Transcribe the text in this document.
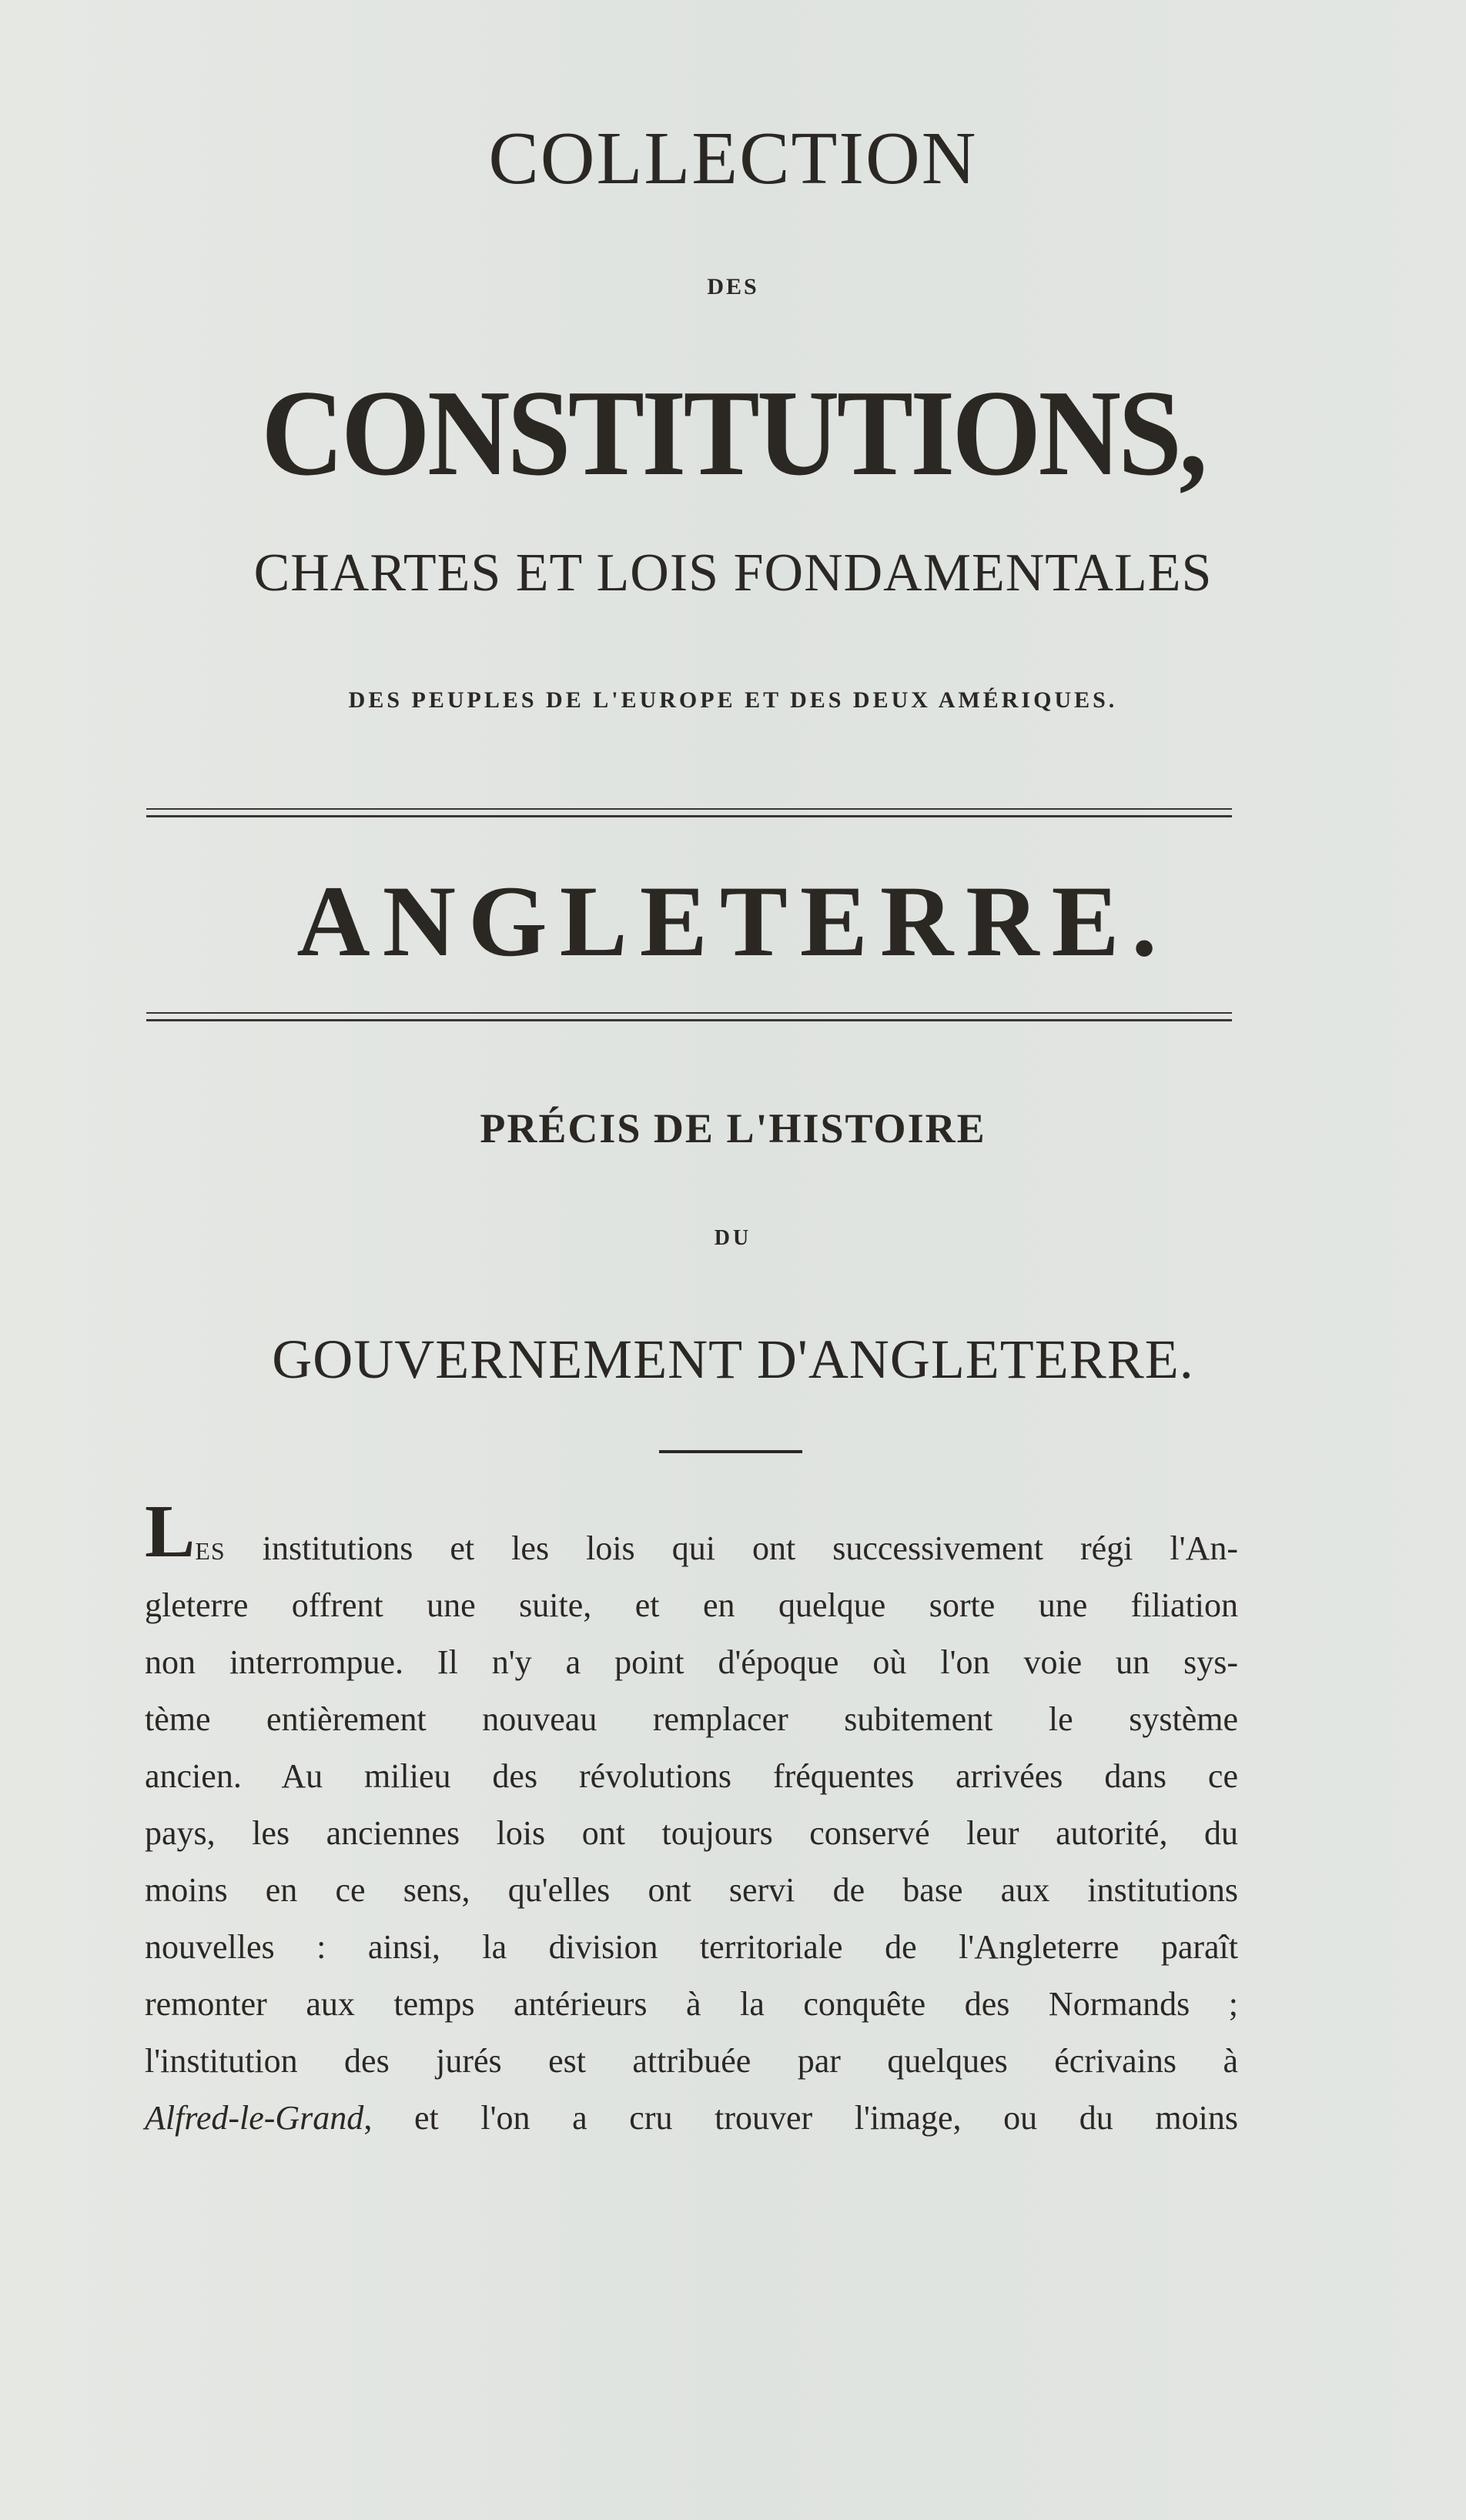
COLLECTION
DES
CONSTITUTIONS,
CHARTES ET LOIS FONDAMENTALES
DES PEUPLES DE L'EUROPE ET DES DEUX AMÉRIQUES.
ANGLETERRE.
PRÉCIS DE L'HISTOIRE
DU
GOUVERNEMENT D'ANGLETERRE.
LES institutions et les lois qui ont successivement régi l'An-
gleterre offrent une suite, et en quelque sorte une filiation
non interrompue. Il n'y a point d'époque où l'on voie un sys-
tème entièrement nouveau remplacer subitement le système
ancien. Au milieu des révolutions fréquentes arrivées dans ce
pays, les anciennes lois ont toujours conservé leur autorité, du
moins en ce sens, qu'elles ont servi de base aux institutions
nouvelles : ainsi, la division territoriale de l'Angleterre paraît
remonter aux temps antérieurs à la conquête des Normands ;
l'institution des jurés est attribuée par quelques écrivains à
Alfred-le-Grand, et l'on a cru trouver l'image, ou du moins
